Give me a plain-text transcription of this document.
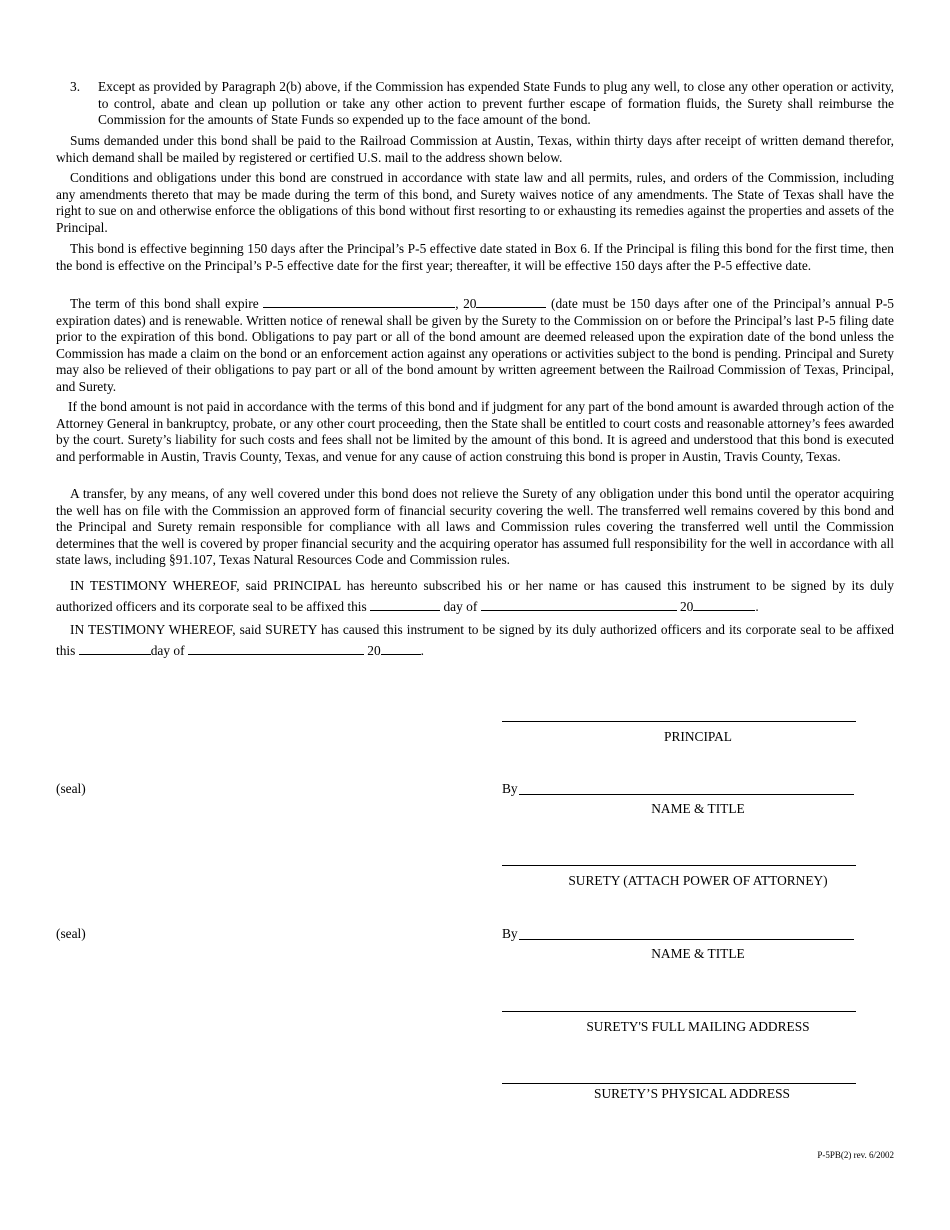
3. Except as provided by Paragraph 2(b) above, if the Commission has expended State Funds to plug any well, to close any other operation or activity, to control, abate and clean up pollution or take any other action to prevent further escape of formation fluids, the Surety shall reimburse the Commission for the amounts of State Funds so expended up to the face amount of the bond.

Sums demanded under this bond shall be paid to the Railroad Commission at Austin, Texas, within thirty days after receipt of written demand therefor, which demand shall be mailed by registered or certified U.S. mail to the address shown below.

Conditions and obligations under this bond are construed in accordance with state law and all permits, rules, and orders of the Commission, including any amendments thereto that may be made during the term of this bond, and Surety waives notice of any amendments. The State of Texas shall have the right to sue on and otherwise enforce the obligations of this bond without first resorting to or exhausting its remedies against the properties and assets of the Principal.

This bond is effective beginning 150 days after the Principal’s P-5 effective date stated in Box 6. If the Principal is filing this bond for the first time, then the bond is effective on the Principal’s P-5 effective date for the first year; thereafter, it will be effective 150 days after the P-5 effective date.

The term of this bond shall expire	, 20	(date must be 150 days after one of the Principal’s annual P-5 expiration dates) and is renewable. Written notice of renewal shall be given by the Surety to the Commission on or before the Principal’s last P-5 filing date prior to the expiration of this bond. Obligations to pay part or all of the bond amount are deemed released upon the expiration date of the bond unless the Commission has made a claim on the bond or an enforcement action against any operations or activities subject to the bond is pending. Principal and Surety may also be relieved of their obligations to pay part or all of the bond amount by written agreement between the Railroad Commission of Texas, Principal, and Surety.

If the bond amount is not paid in accordance with the terms of this bond and if judgment for any part of the bond amount is awarded through action of the Attorney General in bankruptcy, probate, or any other court proceeding, then the State shall be entitled to court costs and reasonable attorney’s fees awarded by the court. Surety’s liability for such costs and fees shall not be limited by the amount of this bond. It is agreed and understood that this bond is executed and performable in Austin, Travis County, Texas, and venue for any cause of action construing this bond is proper in Austin, Travis County, Texas.

A transfer, by any means, of any well covered under this bond does not relieve the Surety of any obligation under this bond until the operator acquiring the well has on file with the Commission an approved form of financial security covering the well. The transferred well remains covered by this bond and the Principal and Surety remain responsible for compliance with all laws and Commission rules covering the transferred well until the Commission determines that the well is covered by proper financial security and the acquiring operator has assumed full responsibility for the well in accordance with all state laws, including §91.107, Texas Natural Resources Code and Commission rules.

IN TESTIMONY WHEREOF, said PRINCIPAL has hereunto subscribed his or her name or has caused this instrument to be signed by its duly authorized officers and its corporate seal to be affixed this	day of	20	.

IN TESTIMONY WHEREOF, said SURETY has caused this instrument to be signed by its duly authorized officers and its corporate seal to be affixed this	day of	20	.

PRINCIPAL
(seal)	By
NAME & TITLE
SURETY (ATTACH POWER OF ATTORNEY)
(seal)	By
NAME & TITLE
SURETY'S FULL MAILING ADDRESS
SURETY’S PHYSICAL ADDRESS
P-5PB(2) rev. 6/2002
